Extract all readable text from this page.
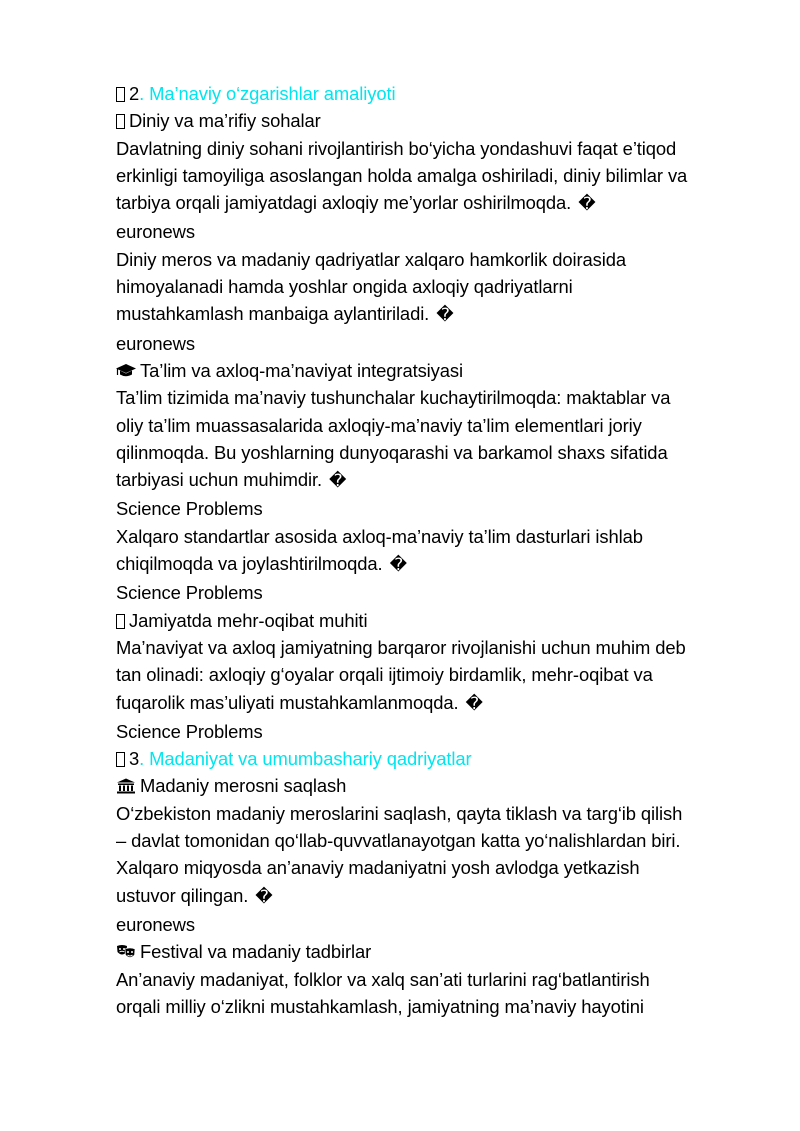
2. Ma’naviy o‘zgarishlar amaliyoti
Diniy va ma’rifiy sohalar
Davlatning diniy sohani rivojlantirish bo‘yicha yondashuvi faqat e’tiqod
erkinligi tamoyiliga asoslangan holda amalga oshiriladi, diniy bilimlar va
tarbiya orqali jamiyatdagi axloqiy me’yorlar oshirilmoqda. �
euronews
Diniy meros va madaniy qadriyatlar xalqaro hamkorlik doirasida
himoyalanadi hamda yoshlar ongida axloqiy qadriyatlarni
mustahkamlash manbaiga aylantiriladi. �
euronews
Ta’lim va axloq-ma’naviyat integratsiyasi
Ta’lim tizimida ma’naviy tushunchalar kuchaytirilmoqda: maktablar va
oliy ta’lim muassasalarida axloqiy-ma’naviy ta’lim elementlari joriy
qilinmoqda. Bu yoshlarning dunyoqarashi va barkamol shaxs sifatida
tarbiyasi uchun muhimdir. �
Science Problems
Xalqaro standartlar asosida axloq-ma’naviy ta’lim dasturlari ishlab
chiqilmoqda va joylashtirilmoqda. �
Science Problems
Jamiyatda mehr-oqibat muhiti
Ma’naviyat va axloq jamiyatning barqaror rivojlanishi uchun muhim deb
tan olinadi: axloqiy g‘oyalar orqali ijtimoiy birdamlik, mehr-oqibat va
fuqarolik mas’uliyati mustahkamlanmoqda. �
Science Problems
3. Madaniyat va umumbashariy qadriyatlar
Madaniy merosni saqlash
O‘zbekiston madaniy meroslarini saqlash, qayta tiklash va targ‘ib qilish
– davlat tomonidan qo‘llab-quvvatlanayotgan katta yo‘nalishlardan biri.
Xalqaro miqyosda an’anaviy madaniyatni yosh avlodga yetkazish
ustuvor qilingan. �
euronews
Festival va madaniy tadbirlar
An’anaviy madaniyat, folklor va xalq san’ati turlarini rag‘batlantirish
orqali milliy o‘zlikni mustahkamlash, jamiyatning ma’naviy hayotini
